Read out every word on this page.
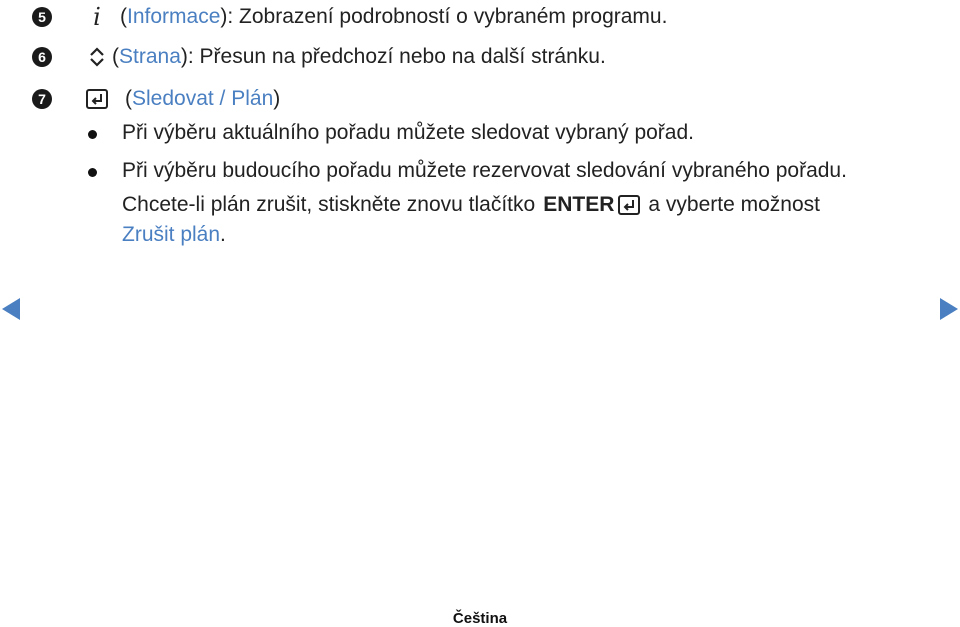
5 i (Informace): Zobrazení podrobností o vybraném programu.
6	(Strana): Přesun na předchozí nebo na další stránku.
7	(Sledovat / Plán)
Při výběru aktuálního pořadu můžete sledovat vybraný pořad.
Při výběru budoucího pořadu můžete rezervovat sledování vybraného pořadu.
Chcete-li plán zrušit, stiskněte znovu tlačítko ENTER a vyberte možnost
Zrušit plán.
Čeština
